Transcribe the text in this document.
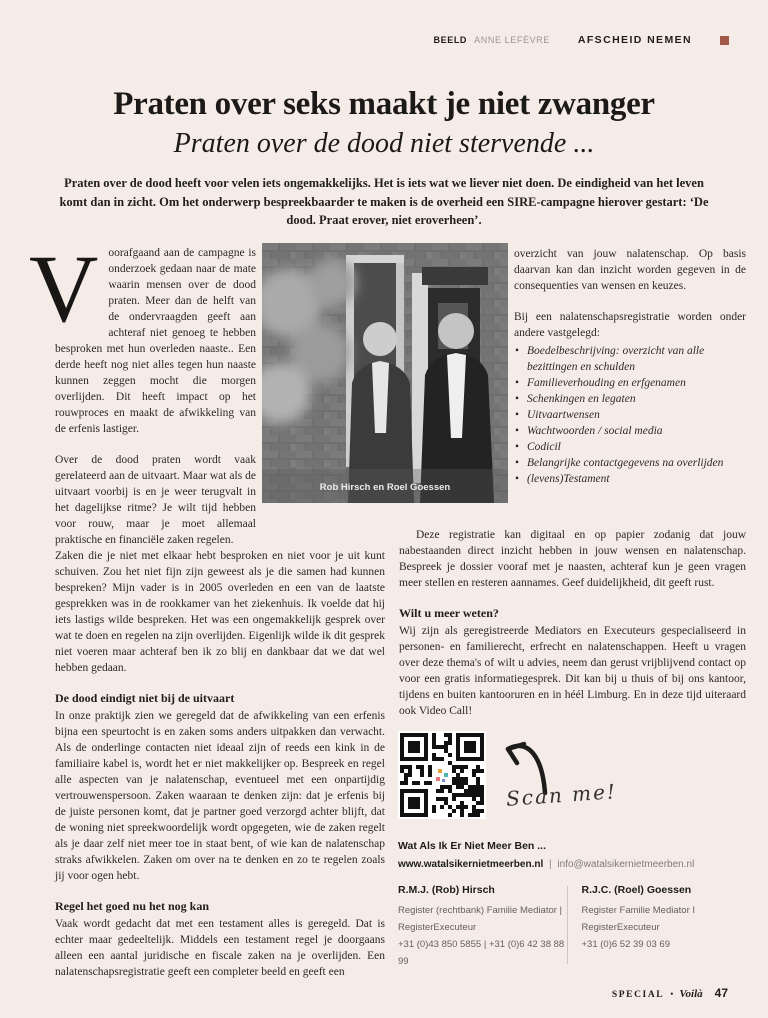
BEELD ANNE LEFÈVRE	AFSCHEID NEMEN
Praten over seks maakt je niet zwanger
Praten over de dood niet stervende ...
Praten over de dood heeft voor velen iets ongemakkelijks. Het is iets wat we liever niet doen. De eindigheid van het leven komt dan in zicht. Om het onderwerp bespreekbaarder te maken is de overheid een SIRE-campagne hierover gestart: ‘De dood. Praat erover, niet eroverheen’.
Rob Hirsch en Roel Goessen

Voorafgaand aan de campagne is onderzoek gedaan naar de mate waarin mensen over de dood praten. Meer dan de helft van de ondervraagden geeft aan achteraf niet genoeg te hebben besproken met hun overleden naaste.. Een derde heeft nog niet alles tegen hun naaste kunnen zeggen mocht die morgen overlijden. Dit heeft impact op het rouwproces en maakt de afwikkeling van de erfenis lastiger.

Over de dood praten wordt vaak gerelateerd aan de uitvaart. Maar wat als de uitvaart voorbij is en je weer terugvalt in het dagelijkse ritme? Je wilt tijd hebben voor rouw, maar je moet allemaal praktische en financiële zaken regelen.

Zaken die je niet met elkaar hebt besproken en niet voor je uit kunt schuiven. Zou het niet fijn zijn geweest als je die samen had kunnen bespreken? Mijn vader is in 2005 overleden en een van de laatste gesprekken was in de rookkamer van het ziekenhuis. Ik voelde dat hij iets lastigs wilde bespreken. Het was een ongemakkelijk gesprek over wat te doen en regelen na zijn overlijden. Eigenlijk wilde ik dit gesprek niet voeren maar achteraf ben ik zo blij en dankbaar dat we dat wel hebben gedaan.

De dood eindigt niet bij de uitvaart

In onze praktijk zien we geregeld dat de afwikkeling van een erfenis bijna een speurtocht is en zaken soms anders uitpakken dan verwacht. Als de onderlinge contacten niet ideaal zijn of reeds een kink in de familiaire kabel is, wordt het er niet makkelijker op. Bespreek en regel alle aspecten van je nalatenschap, eventueel met een onpartijdig vertrouwenspersoon. Zaken waaraan te denken zijn: dat je erfenis bij de juiste personen komt, dat je partner goed verzorgd achter blijft, dat de woning niet spreekwoordelijk wordt opgegeten, wie de zaken regelt als je daar zelf niet meer toe in staat bent, of wie kan de nalatenschap straks afwikkelen. Zaken om over na te denken en zo te regelen zoals jij voor ogen hebt.

Regel het goed nu het nog kan

Vaak wordt gedacht dat met een testament alles is geregeld. Dat is echter maar gedeeltelijk. Middels een testament regel je doorgaans alleen een aantal juridische en fiscale zaken na je overlijden. Een nalatenschapsregistratie geeft een completer beeld en geeft een

overzicht van jouw nalatenschap. Op basis daarvan kan dan inzicht worden gegeven in de consequenties van wensen en keuzes.

Bij een nalatenschapsregistratie worden onder andere vastgelegd:

• Boedelbeschrijving: overzicht van alle bezittingen en schulden
• Familieverhouding en erfgenamen
• Schenkingen en legaten
• Uitvaartwensen
• Wachtwoorden / social media
• Codicil
• Belangrijke contactgegevens na overlijden
• (levens)Testament

Deze registratie kan digitaal en op papier zodanig dat jouw nabestaanden direct inzicht hebben in jouw wensen en nalatenschap. Bespreek je dossier vooraf met je naasten, achteraf kun je geen vragen meer stellen en resteren aannames. Geef duidelijkheid, dit geeft rust.

Wilt u meer weten?

Wij zijn als geregistreerde Mediators en Executeurs gespecialiseerd in personen- en familierecht, erfrecht en nalatenschappen. Heeft u vragen over deze thema's of wilt u advies, neem dan gerust vrijblijvend contact op voor een gratis informatiegesprek. Dit kan bij u thuis of bij ons kantoor, tijdens en buiten kantooruren en in héél Limburg. En in deze tijd uiteraard ook Video Call!

Scan me!
Wat Als Ik Er Niet Meer Ben ...
www.watalsikernietmeerben.nl | info@watalsikernietmeerben.nl
R.M.J. (Rob) Hirsch
Register (rechtbank) Familie Mediator |
RegisterExecuteur
+31 (0)43 850 5855 | +31 (0)6 42 38 88 99
R.J.C. (Roel) Goessen
Register Familie Mediator I
RegisterExecuteur
+31 (0)6 52 39 03 69
SPECIAL • Voilà 47
